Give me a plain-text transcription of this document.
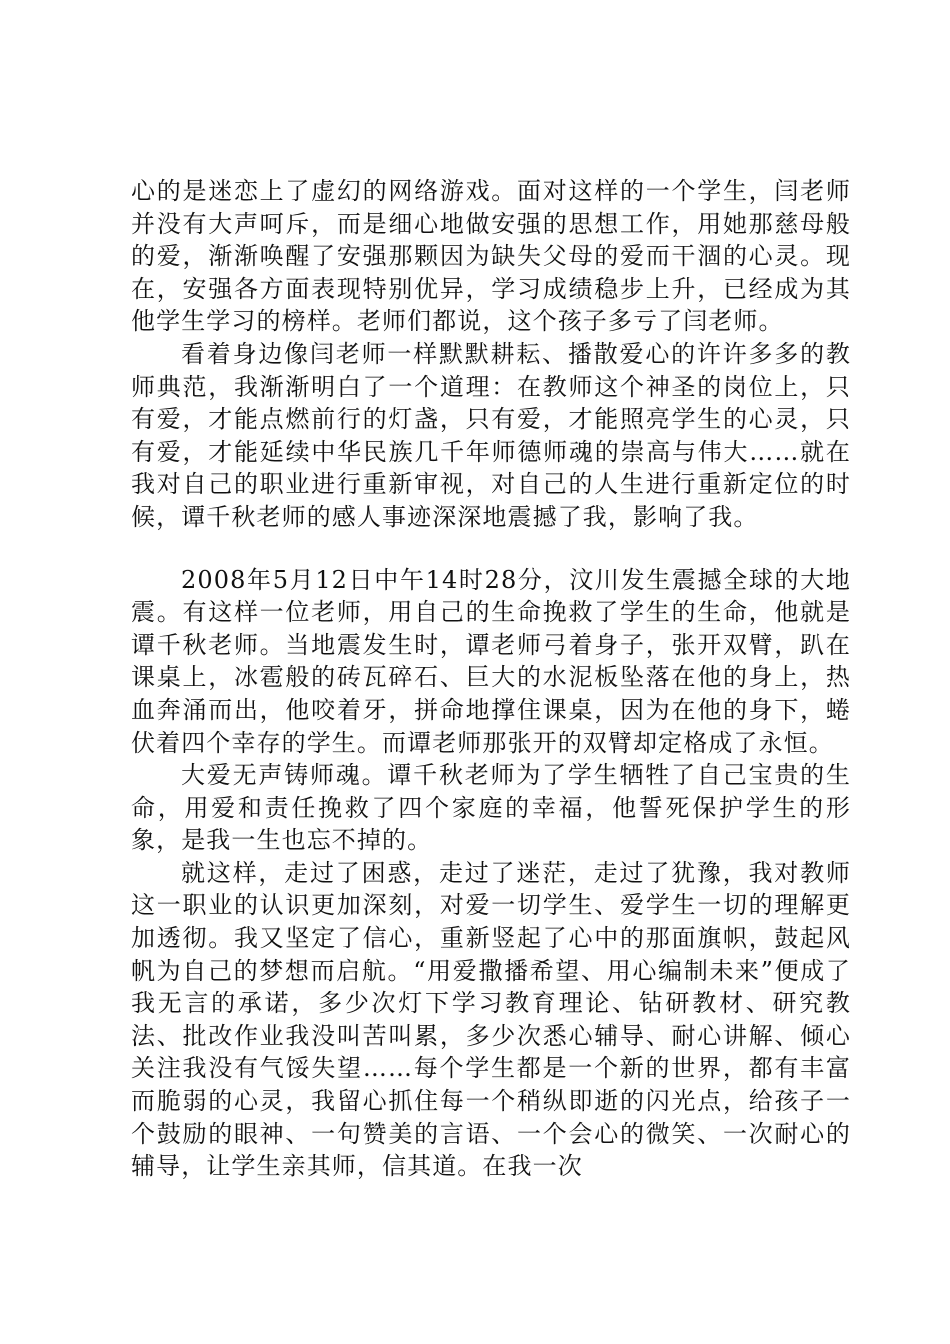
心的是迷恋上了虚幻的网络游戏。面对这样的一个学生，闫老师并没有大声呵斥，而是细心地做安强的思想工作，用她那慈母般的爱，渐渐唤醒了安强那颗因为缺失父母的爱而干涸的心灵。现在，安强各方面表现特别优异，学习成绩稳步上升，已经成为其他学生学习的榜样。老师们都说，这个孩子多亏了闫老师。

看着身边像闫老师一样默默耕耘、播散爱心的许许多多的教师典范，我渐渐明白了一个道理：在教师这个神圣的岗位上，只有爱，才能点燃前行的灯盏，只有爱，才能照亮学生的心灵，只有爱，才能延续中华民族几千年师德师魂的崇高与伟大……就在我对自己的职业进行重新审视，对自己的人生进行重新定位的时候，谭千秋老师的感人事迹深深地震撼了我，影响了我。

2008年5月12日中午14时28分，汶川发生震撼全球的大地震。有这样一位老师，用自己的生命挽救了学生的生命，他就是谭千秋老师。当地震发生时，谭老师弓着身子，张开双臂，趴在课桌上，冰雹般的砖瓦碎石、巨大的水泥板坠落在他的身上，热血奔涌而出，他咬着牙，拼命地撑住课桌，因为在他的身下，蜷伏着四个幸存的学生。而谭老师那张开的双臂却定格成了永恒。

大爱无声铸师魂。谭千秋老师为了学生牺牲了自己宝贵的生命，用爱和责任挽救了四个家庭的幸福，他誓死保护学生的形象，是我一生也忘不掉的。

就这样，走过了困惑，走过了迷茫，走过了犹豫，我对教师这一职业的认识更加深刻，对爱一切学生、爱学生一切的理解更加透彻。我又坚定了信心，重新竖起了心中的那面旗帜，鼓起风帆为自己的梦想而启航。“用爱撒播希望、用心编制未来”便成了我无言的承诺，多少次灯下学习教育理论、钻研教材、研究教法、批改作业我没叫苦叫累，多少次悉心辅导、耐心讲解、倾心关注我没有气馁失望……每个学生都是一个新的世界，都有丰富而脆弱的心灵，我留心抓住每一个稍纵即逝的闪光点，给孩子一个鼓励的眼神、一句赞美的言语、一个会心的微笑、一次耐心的辅导，让学生亲其师，信其道。在我一次
